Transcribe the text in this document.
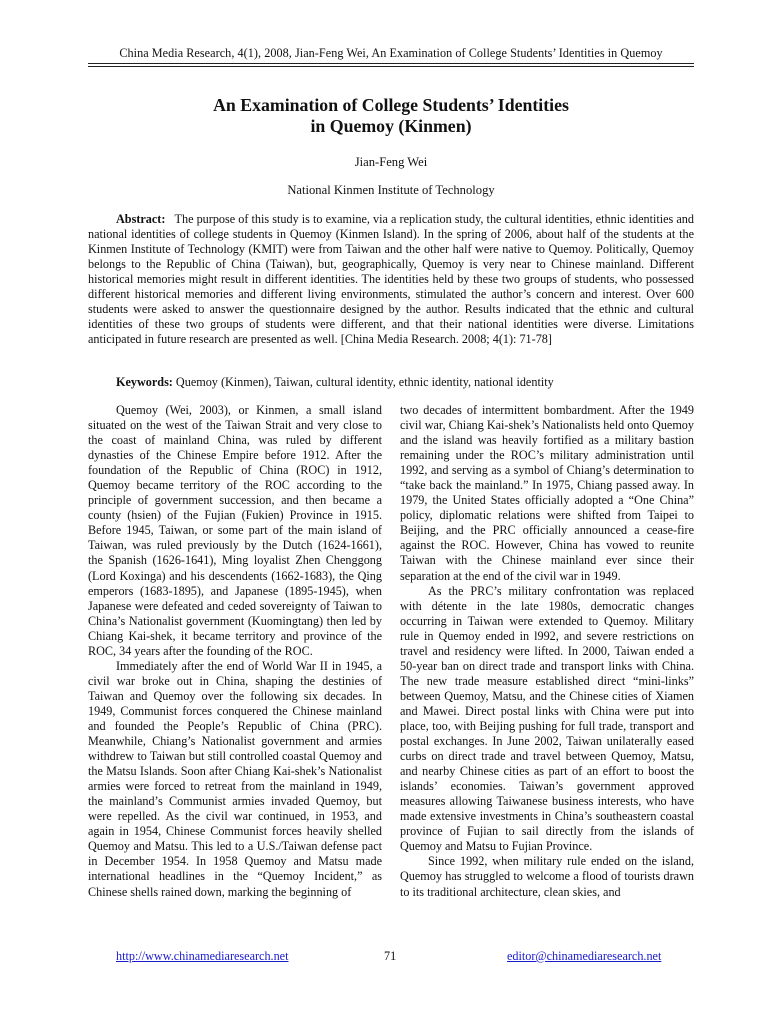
China Media Research, 4(1), 2008, Jian-Feng Wei, An Examination of College Students’ Identities in Quemoy
An Examination of College Students’ Identities
in Quemoy (Kinmen)
Jian-Feng Wei
National Kinmen Institute of Technology
Abstract: The purpose of this study is to examine, via a replication study, the cultural identities, ethnic identities and national identities of college students in Quemoy (Kinmen Island). In the spring of 2006, about half of the students at the Kinmen Institute of Technology (KMIT) were from Taiwan and the other half were native to Quemoy. Politically, Quemoy belongs to the Republic of China (Taiwan), but, geographically, Quemoy is very near to Chinese mainland. Different historical memories might result in different identities. The identities held by these two groups of students, who possessed different historical memories and different living environments, stimulated the author’s concern and interest. Over 600 students were asked to answer the questionnaire designed by the author. Results indicated that the ethnic and cultural identities of these two groups of students were different, and that their national identities were diverse. Limitations anticipated in future research are presented as well. [China Media Research. 2008; 4(1): 71-78]
Keywords: Quemoy (Kinmen), Taiwan, cultural identity, ethnic identity, national identity

Quemoy (Wei, 2003), or Kinmen, a small island situated on the west of the Taiwan Strait and very close to the coast of mainland China, was ruled by different dynasties of the Chinese Empire before 1912. After the foundation of the Republic of China (ROC) in 1912, Quemoy became territory of the ROC according to the principle of government succession, and then became a county (hsien) of the Fujian (Fukien) Province in 1915. Before 1945, Taiwan, or some part of the main island of Taiwan, was ruled previously by the Dutch (1624-1661), the Spanish (1626-1641), Ming loyalist Zhen Chenggong (Lord Koxinga) and his descendents (1662-1683), the Qing emperors (1683-1895), and Japanese (1895-1945), when Japanese were defeated and ceded sovereignty of Taiwan to China’s Nationalist government (Kuomingtang) then led by Chiang Kai-shek, it became territory and province of the ROC, 34 years after the founding of the ROC.

Immediately after the end of World War II in 1945, a civil war broke out in China, shaping the destinies of Taiwan and Quemoy over the following six decades. In 1949, Communist forces conquered the Chinese mainland and founded the People’s Republic of China (PRC). Meanwhile, Chiang’s Nationalist government and armies withdrew to Taiwan but still controlled coastal Quemoy and the Matsu Islands. Soon after Chiang Kai-shek’s Nationalist armies were forced to retreat from the mainland in 1949, the mainland’s Communist armies invaded Quemoy, but were repelled. As the civil war continued, in 1953, and again in 1954, Chinese Communist forces heavily shelled Quemoy and Matsu. This led to a U.S./Taiwan defense pact in December 1954. In 1958 Quemoy and Matsu made international headlines in the “Quemoy Incident,” as Chinese shells rained down, marking the beginning of

two decades of intermittent bombardment. After the 1949 civil war, Chiang Kai-shek’s Nationalists held onto Quemoy and the island was heavily fortified as a military bastion remaining under the ROC’s military administration until 1992, and serving as a symbol of Chiang’s determination to “take back the mainland.” In 1975, Chiang passed away. In 1979, the United States officially adopted a “One China” policy, diplomatic relations were shifted from Taipei to Beijing, and the PRC officially announced a cease-fire against the ROC. However, China has vowed to reunite Taiwan with the Chinese mainland ever since their separation at the end of the civil war in 1949.

As the PRC’s military confrontation was replaced with détente in the late 1980s, democratic changes occurring in Taiwan were extended to Quemoy. Military rule in Quemoy ended in l992, and severe restrictions on travel and residency were lifted. In 2000, Taiwan ended a 50-year ban on direct trade and transport links with China. The new trade measure established direct “mini-links” between Quemoy, Matsu, and the Chinese cities of Xiamen and Mawei. Direct postal links with China were put into place, too, with Beijing pushing for full trade, transport and postal exchanges. In June 2002, Taiwan unilaterally eased curbs on direct trade and travel between Quemoy, Matsu, and nearby Chinese cities as part of an effort to boost the islands’ economies. Taiwan’s government approved measures allowing Taiwanese business interests, who have made extensive investments in China’s southeastern coastal province of Fujian to sail directly from the islands of Quemoy and Matsu to Fujian Province.

Since 1992, when military rule ended on the island, Quemoy has struggled to welcome a flood of tourists drawn to its traditional architecture, clean skies, and

http://www.chinamediaresearch.net	71	editor@chinamediaresearch.net
